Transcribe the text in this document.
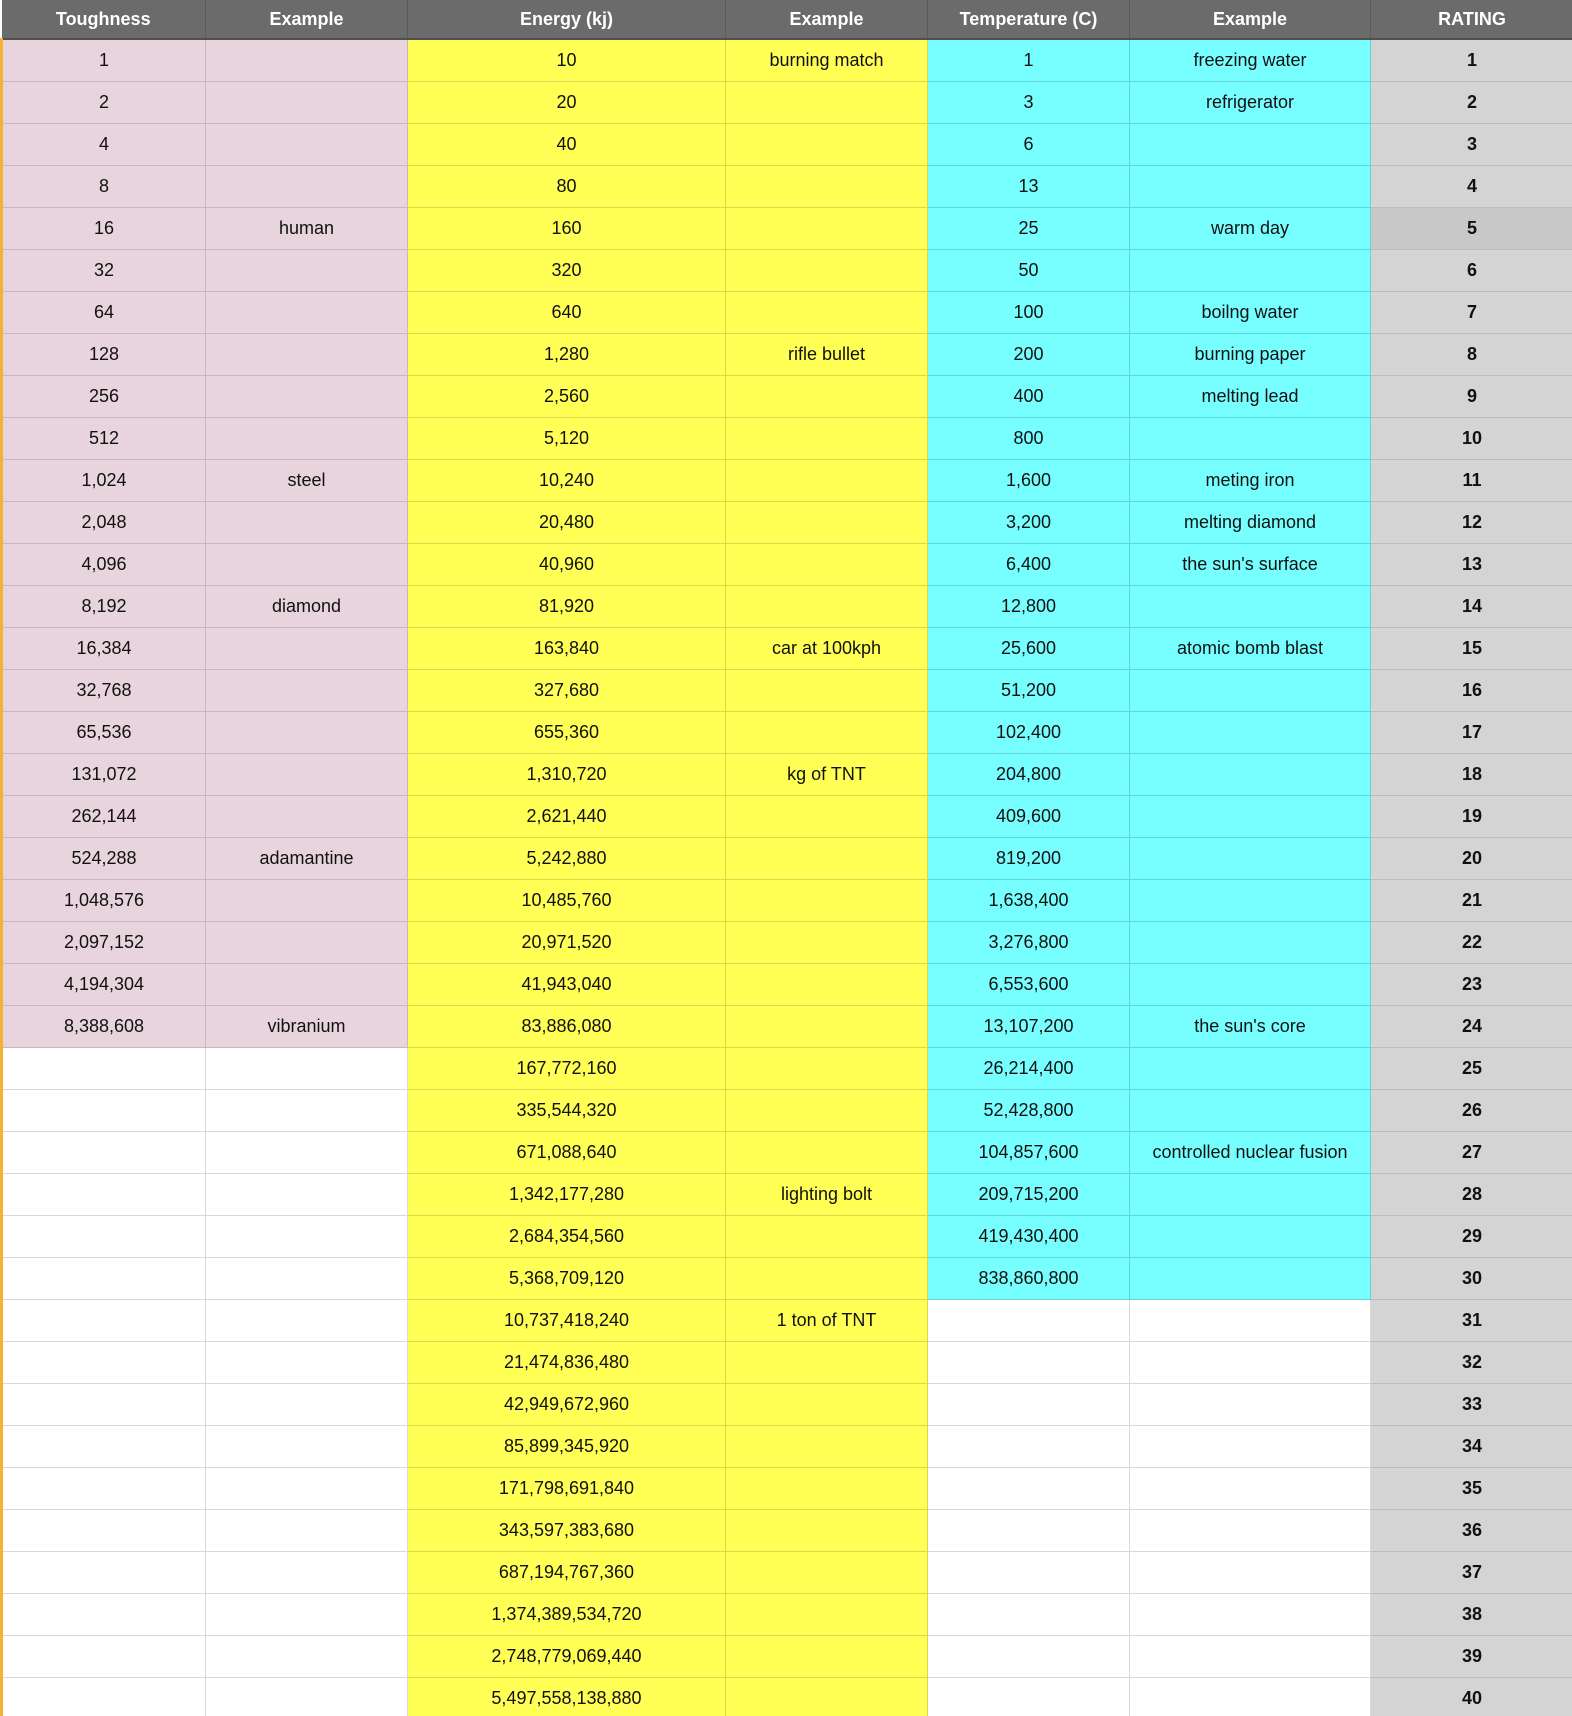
Toughness	Example	Energy (kj)	Example	Temperature (C)	Example	RATING
1		10	burning match	1	freezing water	1
2		20		3	refrigerator	2
4		40		6		3
8		80		13		4
16	human	160		25	warm day	5
32		320		50		6
64		640		100	boilng water	7
128		1,280	rifle bullet	200	burning paper	8
256		2,560		400	melting lead	9
512		5,120		800		10
1,024	steel	10,240		1,600	meting iron	11
2,048		20,480		3,200	melting diamond	12
4,096		40,960		6,400	the sun's surface	13
8,192	diamond	81,920		12,800		14
16,384		163,840	car at 100kph	25,600	atomic bomb blast	15
32,768		327,680		51,200		16
65,536		655,360		102,400		17
131,072		1,310,720	kg of TNT	204,800		18
262,144		2,621,440		409,600		19
524,288	adamantine	5,242,880		819,200		20
1,048,576		10,485,760		1,638,400		21
2,097,152		20,971,520		3,276,800		22
4,194,304		41,943,040		6,553,600		23
8,388,608	vibranium	83,886,080		13,107,200	the sun's core	24
		167,772,160		26,214,400		25
		335,544,320		52,428,800		26
		671,088,640		104,857,600	controlled nuclear fusion	27
		1,342,177,280	lighting bolt	209,715,200		28
		2,684,354,560		419,430,400		29
		5,368,709,120		838,860,800		30
		10,737,418,240	1 ton of TNT			31
		21,474,836,480				32
		42,949,672,960				33
		85,899,345,920				34
		171,798,691,840				35
		343,597,383,680				36
		687,194,767,360				37
		1,374,389,534,720				38
		2,748,779,069,440				39
		5,497,558,138,880				40
